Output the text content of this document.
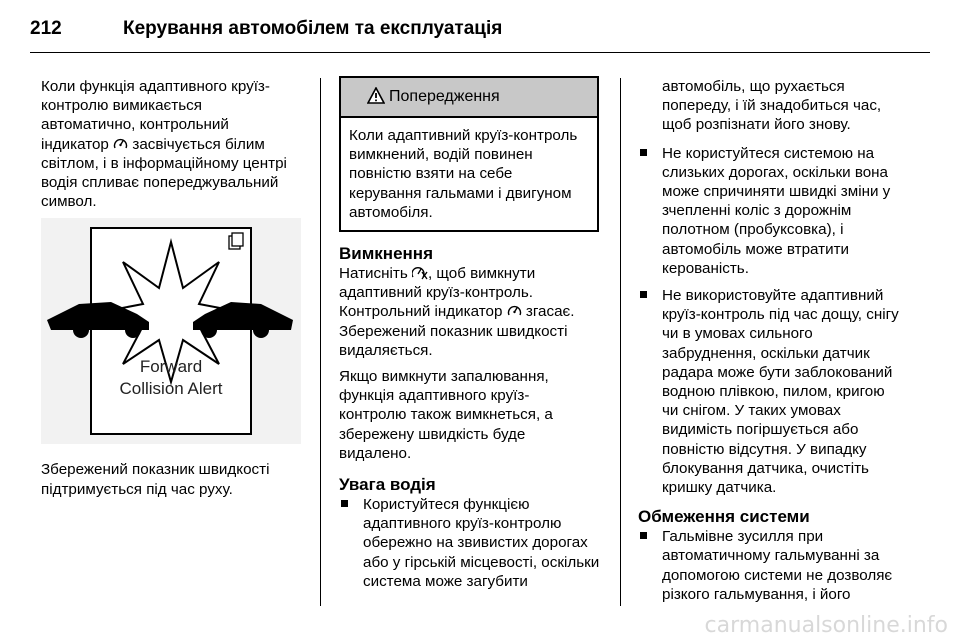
212	Керування автомобілем та експлуатація

Коли функція адаптивного круїз-
контролю вимикається
автоматично, контрольний
індикатор засвічується білим
світлом, і в інформаційному центрі
водія спливає попереджувальний
символ.

Forward
Collision Alert

Збережений показник швидкості
підтримується під час руху.

Попередження
Коли адаптивний круїз-контроль
вимкнений, водій повинен
повністю взяти на себе
керування гальмами і двигуном
автомобіля.
Вимкнення

Натисніть , щоб вимкнути
адаптивний круїз-контроль.
Контрольний індикатор згасає.
Збережений показник швидкості
видаляється.

Якщо вимкнути запалювання,
функція адаптивного круїз-
контролю також вимкнеться, а
збережену швидкість буде
видалено.

Увага водія
Користуйтеся функцією
адаптивного круїз-контролю
обережно на звивистих дорогах
або у гірській місцевості, оскільки
система може загубити
автомобіль, що рухається
попереду, і їй знадобиться час,
щоб розпізнати його знову.
Не користуйтеся системою на
слизьких дорогах, оскільки вона
може спричиняти швидкі зміни у
зчепленні коліс з дорожнім
полотном (пробуксовка), і
автомобіль може втратити
керованість.
Не використовуйте адаптивний
круїз-контроль під час дощу, снігу
чи в умовах сильного
забруднення, оскільки датчик
радара може бути заблокований
водною плівкою, пилом, кригою
чи снігом. У таких умовах
видимість погіршується або
повністю відсутня. У випадку
блокування датчика, очистіть
кришку датчика.
Обмеження системи
Гальмівне зусилля при
автоматичному гальмуванні за
допомогою системи не дозволяє
різкого гальмування, і його
carmanualsonline.info
